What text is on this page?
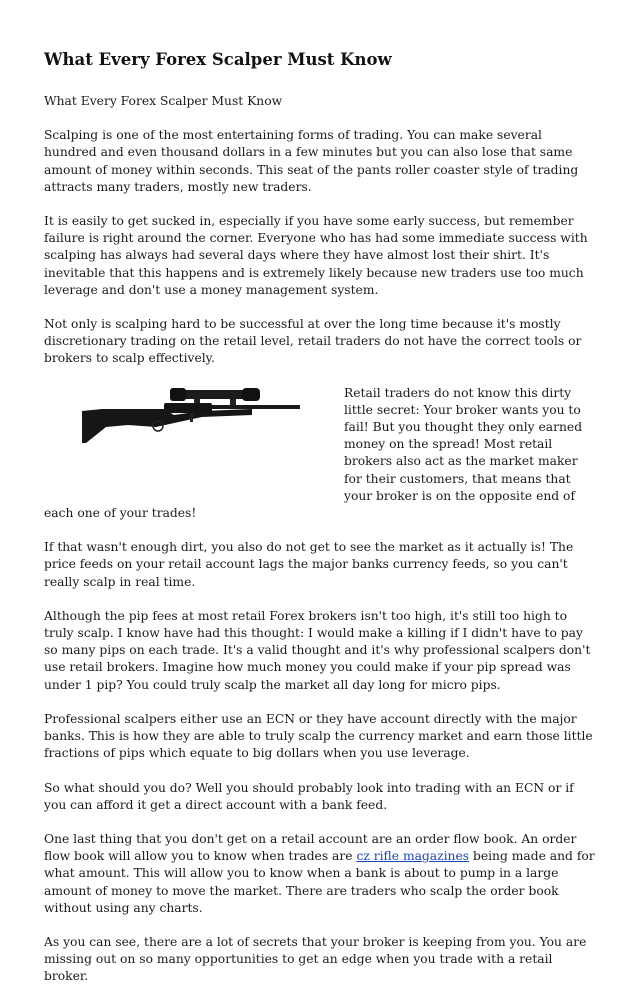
What Every Forex Scalper Must Know

What Every Forex Scalper Must Know

Scalping is one of the most entertaining forms of trading. You can make several hundred and even thousand dollars in a few minutes but you can also lose that same amount of money within seconds. This seat of the pants roller coaster style of trading attracts many traders, mostly new traders.

It is easily to get sucked in, especially if you have some early success, but remember failure is right around the corner. Everyone who has had some immediate success with scalping has always had several days where they have almost lost their shirt. It's inevitable that this happens and is extremely likely because new traders use too much leverage and don't use a money management system.

Not only is scalping hard to be successful at over the long time because it's mostly discretionary trading on the retail level, retail traders do not have the correct tools or brokers to scalp effectively.

Retail traders do not know this dirty little secret: Your broker wants you to fail! But you thought they only earned money on the spread! Most retail brokers also act as the market maker for their customers, that means that your broker is on the opposite end of each one of your trades!

If that wasn't enough dirt, you also do not get to see the market as it actually is! The price feeds on your retail account lags the major banks currency feeds, so you can't really scalp in real time.

Although the pip fees at most retail Forex brokers isn't too high, it's still too high to truly scalp. I know have had this thought: I would make a killing if I didn't have to pay so many pips on each trade. It's a valid thought and it's why professional scalpers don't use retail brokers. Imagine how much money you could make if your pip spread was under 1 pip? You could truly scalp the market all day long for micro pips.

Professional scalpers either use an ECN or they have account directly with the major banks. This is how they are able to truly scalp the currency market and earn those little fractions of pips which equate to big dollars when you use leverage.

So what should you do? Well you should probably look into trading with an ECN or if you can afford it get a direct account with a bank feed.

One last thing that you don't get on a retail account are an order flow book. An order flow book will allow you to know when trades are cz rifle magazines being made and for what amount. This will allow you to know when a bank is about to pump in a large amount of money to move the market. There are traders who scalp the order book without using any charts.

As you can see, there are a lot of secrets that your broker is keeping from you. You are missing out on so many opportunities to get an edge when you trade with a retail broker.
